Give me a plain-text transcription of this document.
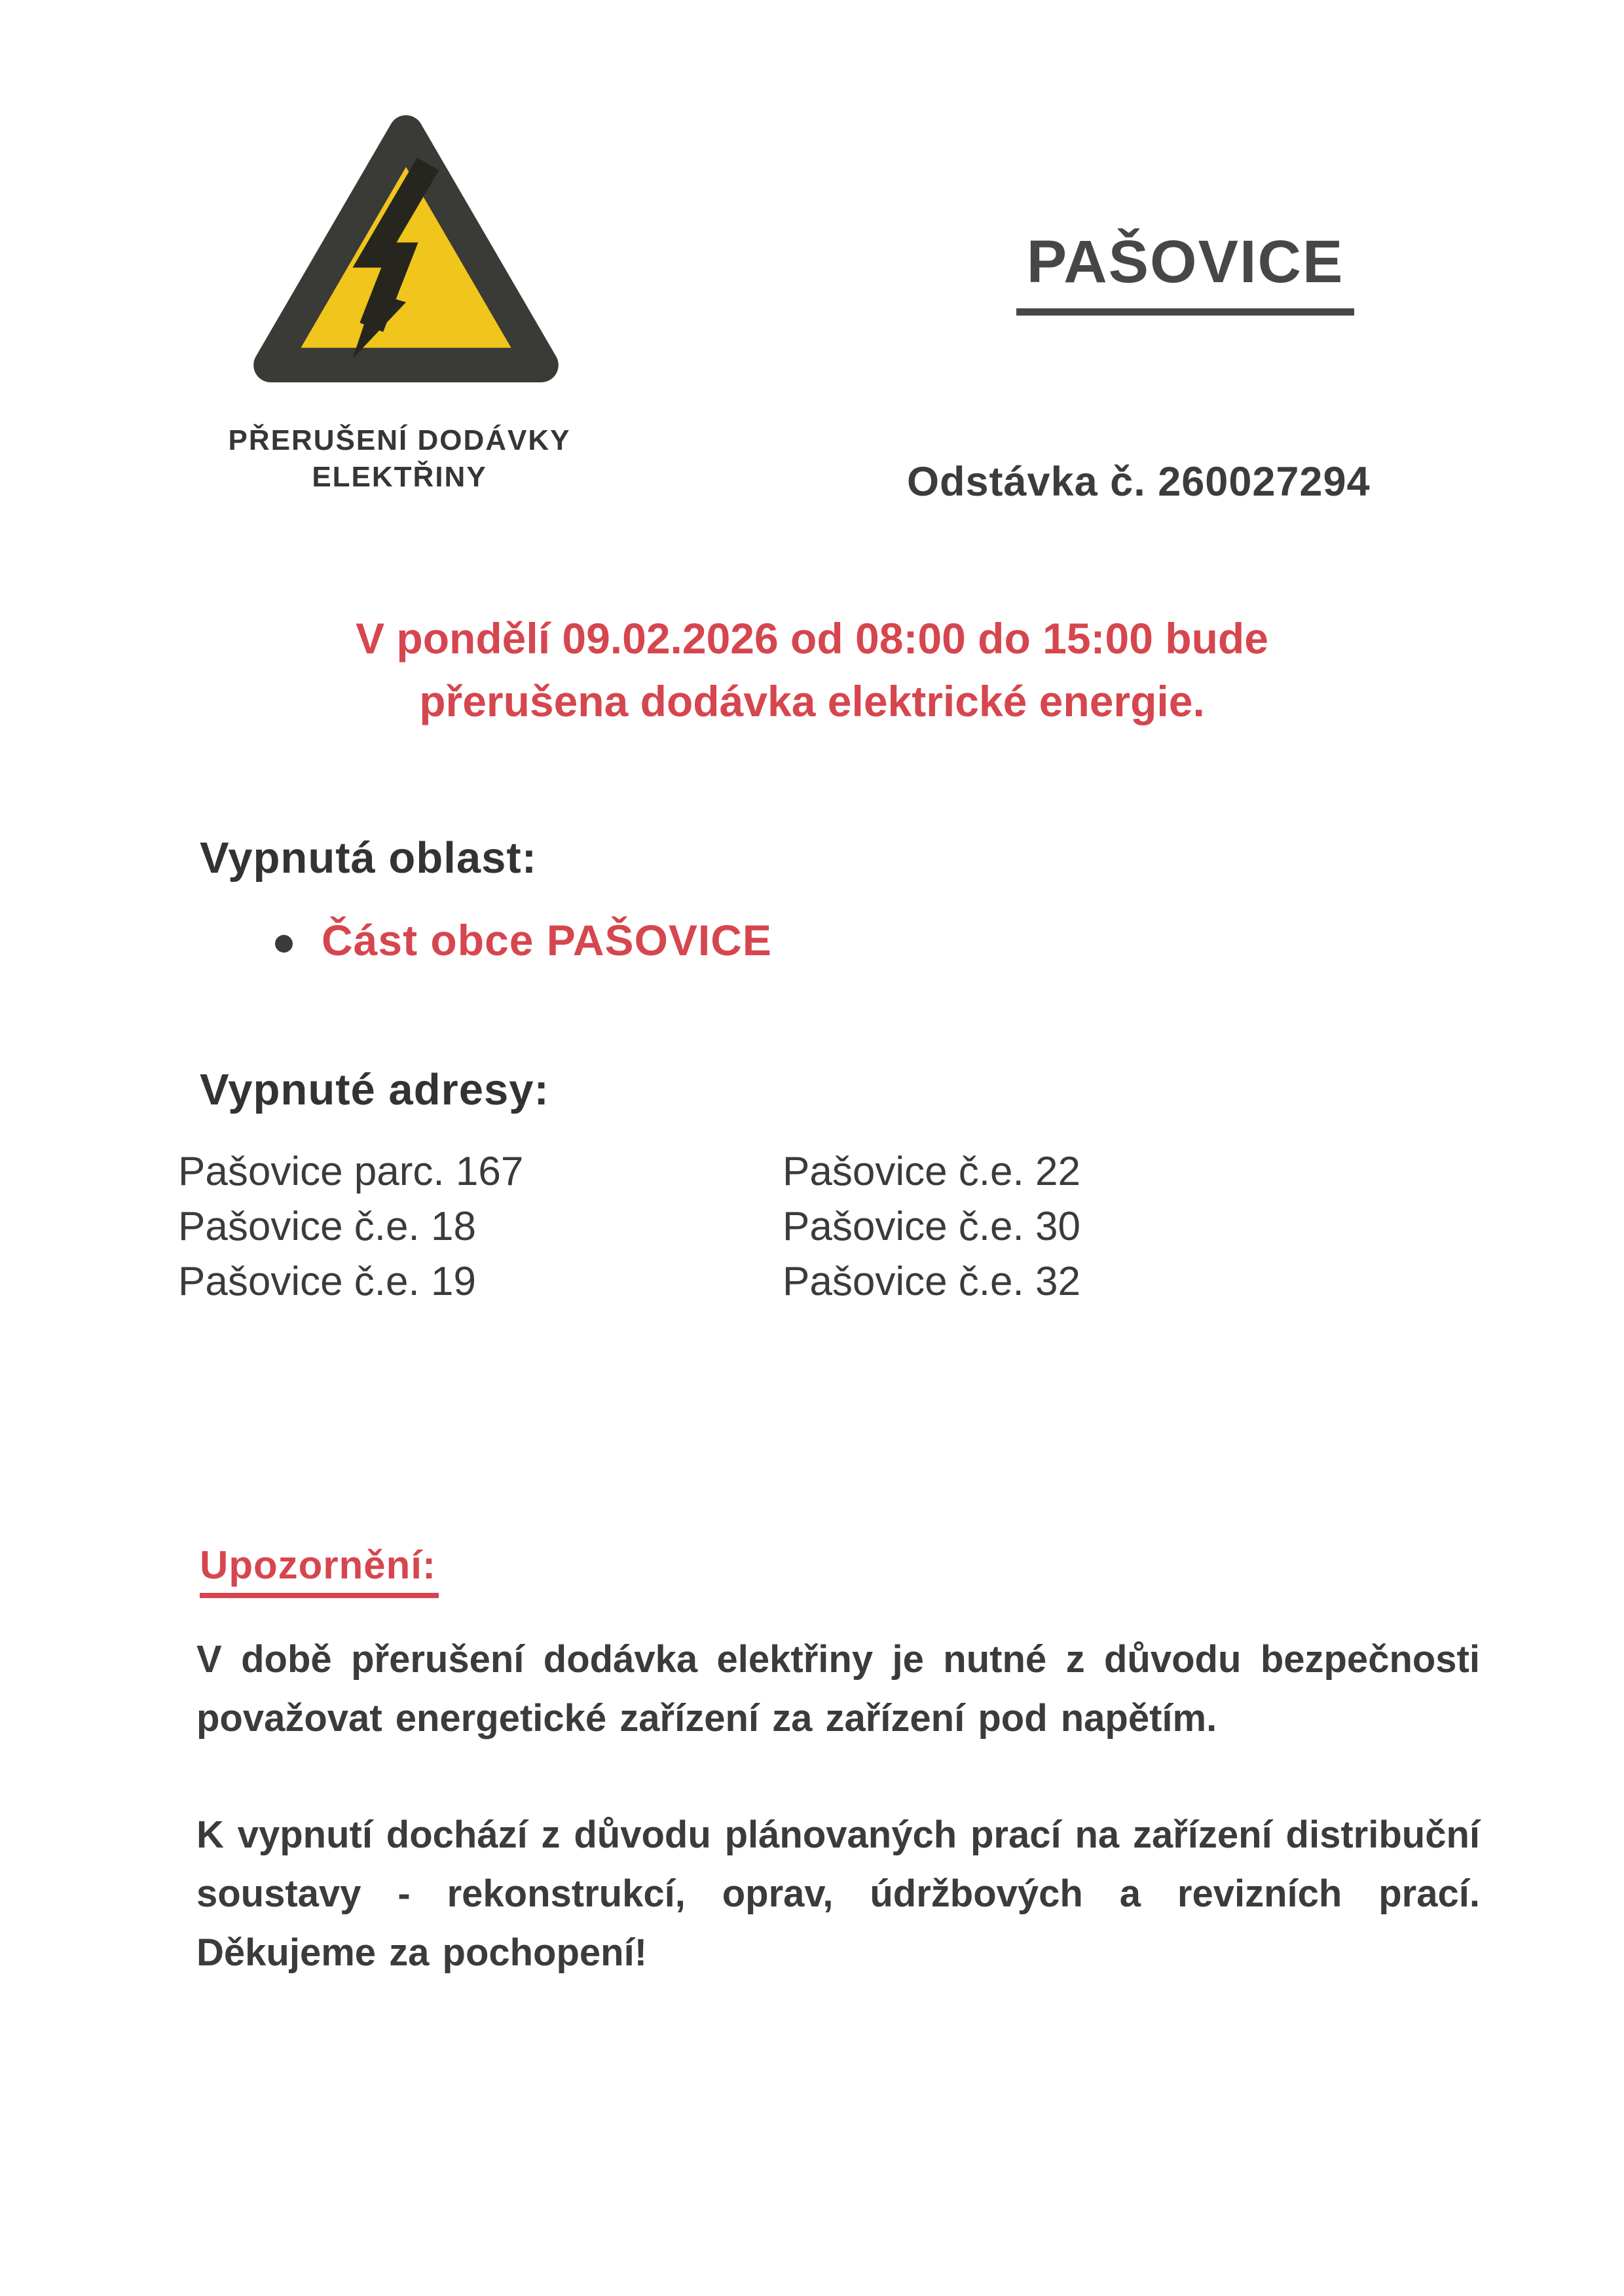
PŘERUŠENÍ DODÁVKY
ELEKTŘINY
PAŠOVICE
Odstávka č. 260027294
V pondělí 09.02.2026 od 08:00 do 15:00 bude
přerušena dodávka elektrické energie.
Vypnutá oblast:
Část obce PAŠOVICE
Vypnuté adresy:
Pašovice parc. 167
Pašovice č.e. 18
Pašovice č.e. 19
Pašovice č.e. 22
Pašovice č.e. 30
Pašovice č.e. 32
Upozornění:
V době přerušení dodávka elektřiny je nutné z důvodu bezpečnosti považovat energetické zařízení za zařízení pod napětím.
K vypnutí dochází z důvodu plánovaných prací na zařízení distribuční soustavy - rekonstrukcí, oprav, údržbových a revizních prací. Děkujeme za pochopení!
